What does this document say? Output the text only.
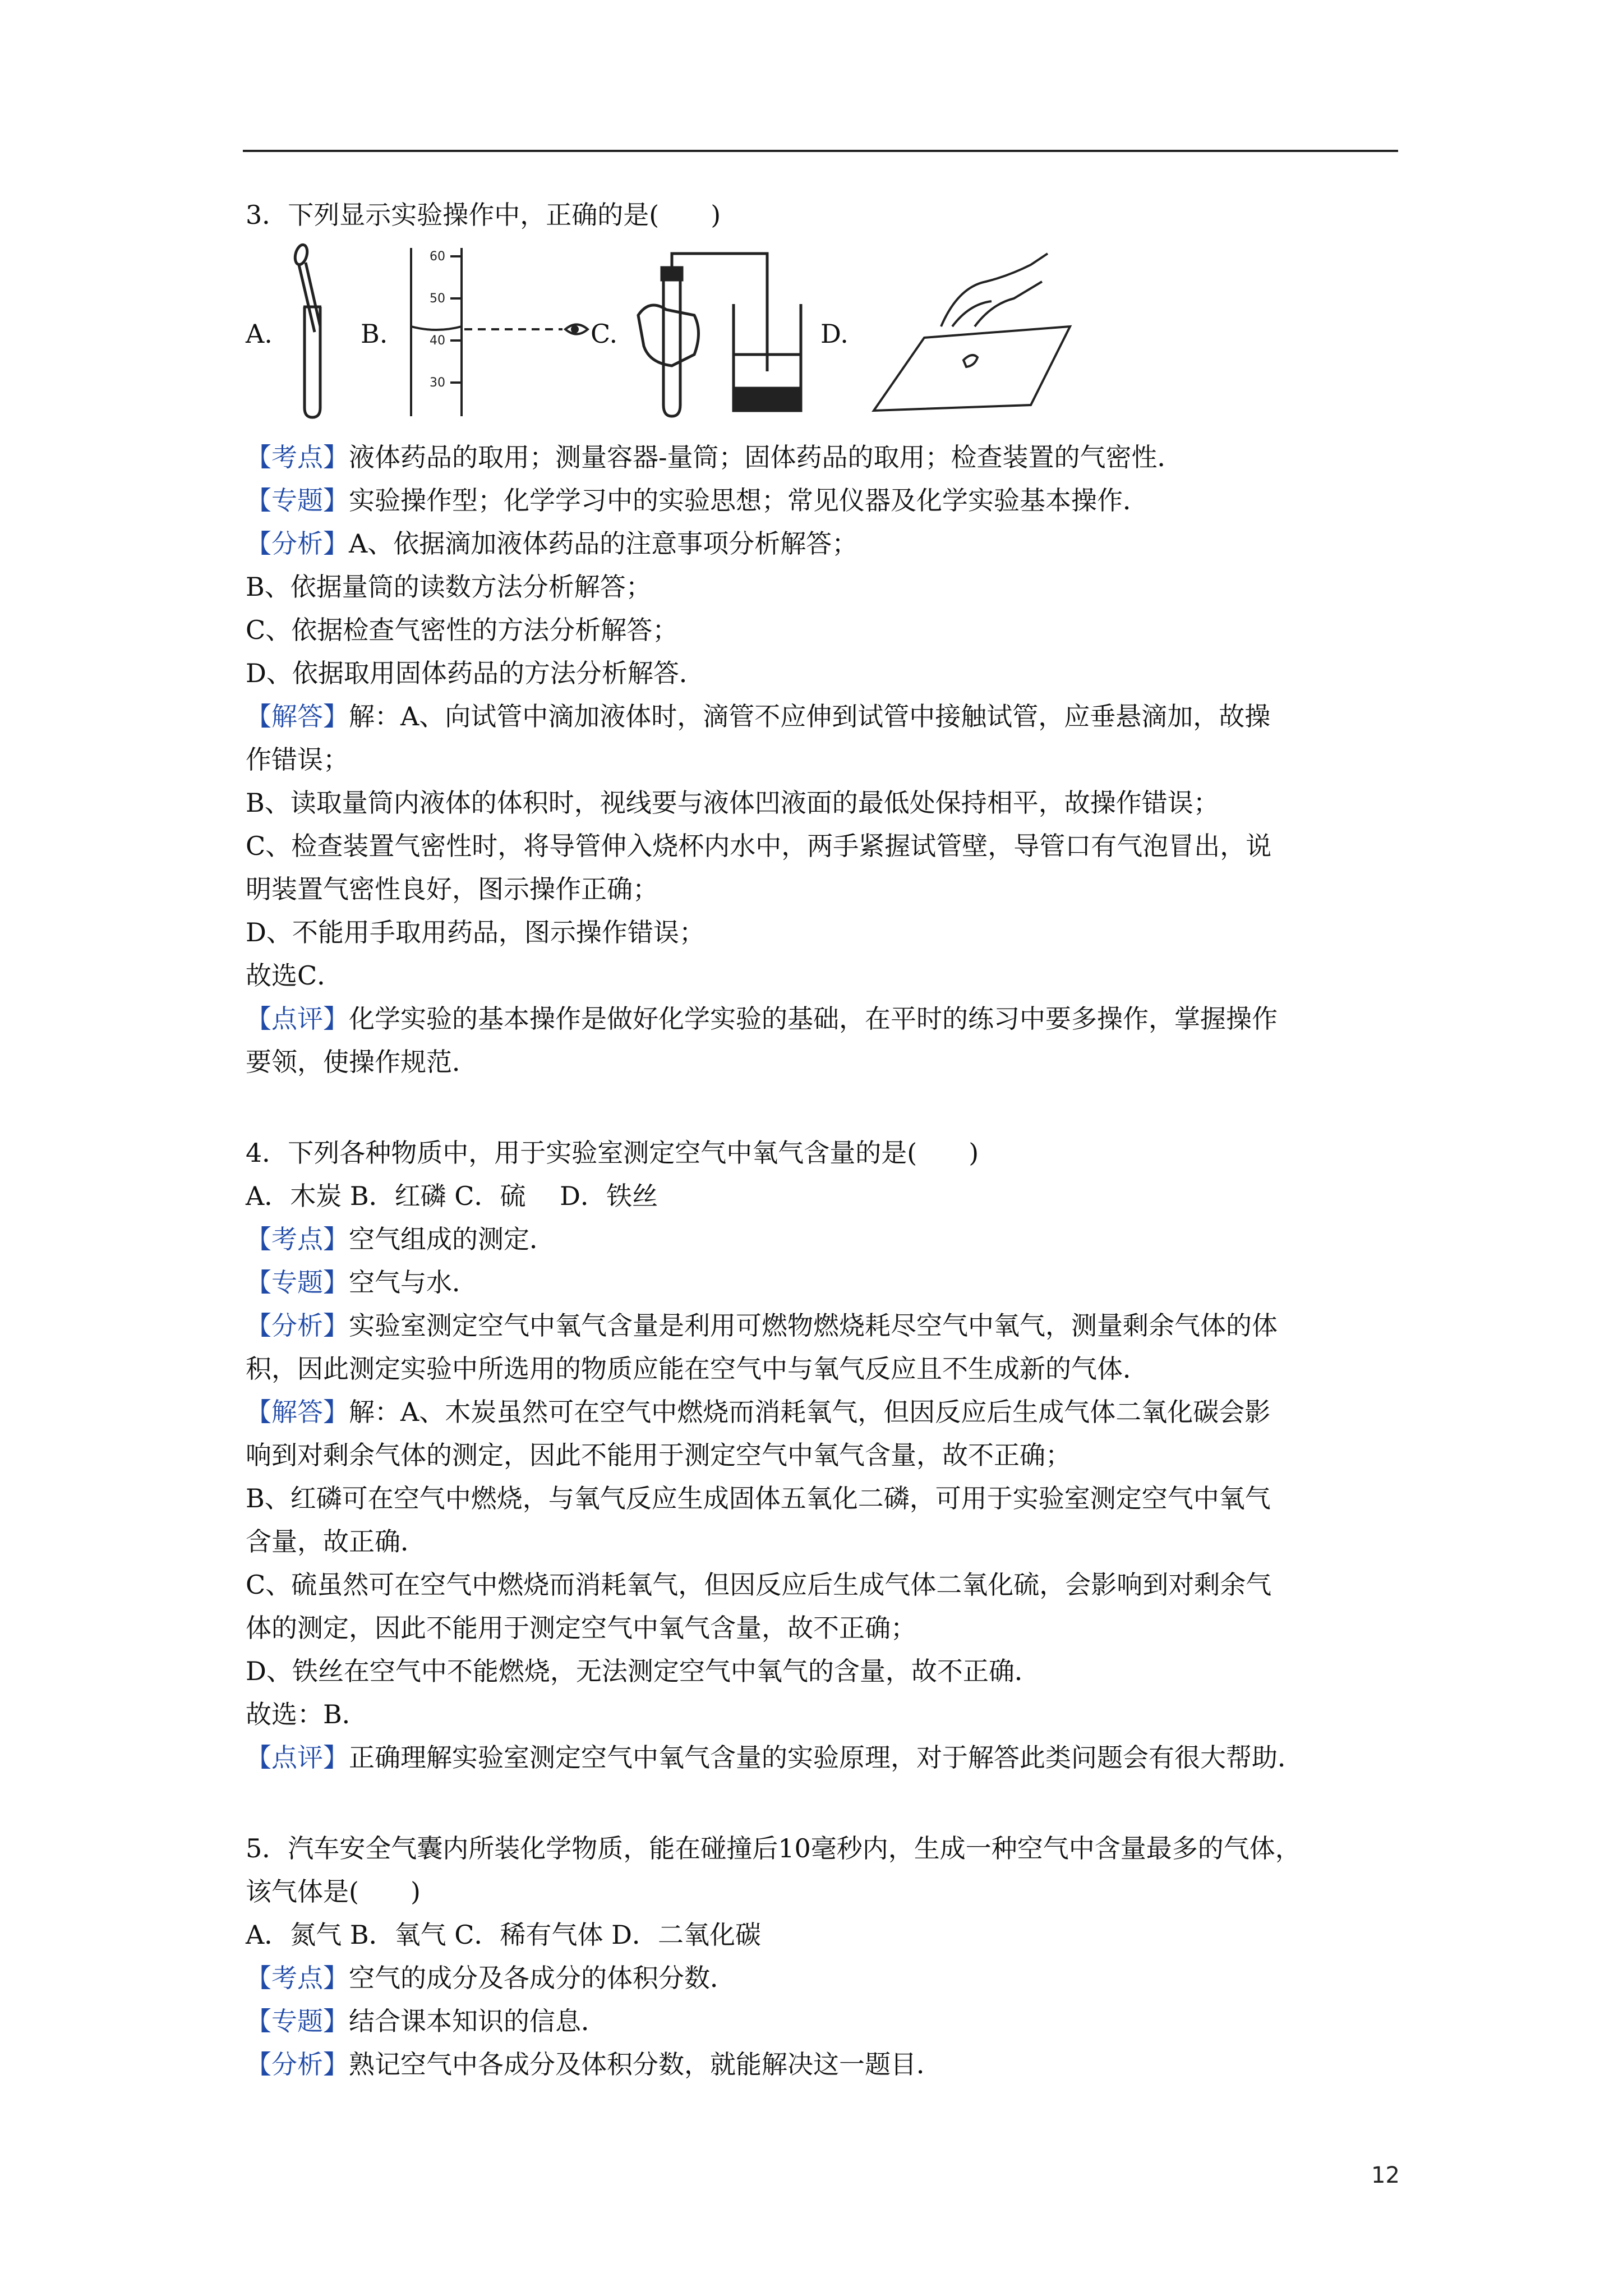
3．下列显示实验操作中，正确的是(　　)
A.	B.
60
50
40
30
C.	D.
【考点】液体药品的取用；测量容器-量筒；固体药品的取用；检查装置的气密性．
【专题】实验操作型；化学学习中的实验思想；常见仪器及化学实验基本操作．
【分析】A、依据滴加液体药品的注意事项分析解答；
B、依据量筒的读数方法分析解答；
C、依据检查气密性的方法分析解答；
D、依据取用固体药品的方法分析解答．
【解答】解：A、向试管中滴加液体时，滴管不应伸到试管中接触试管，应垂悬滴加，故操
作错误；
B、读取量筒内液体的体积时，视线要与液体凹液面的最低处保持相平，故操作错误；
C、检查装置气密性时，将导管伸入烧杯内水中，两手紧握试管壁，导管口有气泡冒出，说
明装置气密性良好，图示操作正确；
D、不能用手取用药品，图示操作错误；
故选C．
【点评】化学实验的基本操作是做好化学实验的基础，在平时的练习中要多操作，掌握操作
要领，使操作规范．
4．下列各种物质中，用于实验室测定空气中氧气含量的是(　　)
A．木炭 B．红磷 C．硫　 D．铁丝
【考点】空气组成的测定．
【专题】空气与水．
【分析】实验室测定空气中氧气含量是利用可燃物燃烧耗尽空气中氧气，测量剩余气体的体
积，因此测定实验中所选用的物质应能在空气中与氧气反应且不生成新的气体．
【解答】解：A、木炭虽然可在空气中燃烧而消耗氧气，但因反应后生成气体二氧化碳会影
响到对剩余气体的测定，因此不能用于测定空气中氧气含量，故不正确；
B、红磷可在空气中燃烧，与氧气反应生成固体五氧化二磷，可用于实验室测定空气中氧气
含量，故正确．
C、硫虽然可在空气中燃烧而消耗氧气，但因反应后生成气体二氧化硫，会影响到对剩余气
体的测定，因此不能用于测定空气中氧气含量，故不正确；
D、铁丝在空气中不能燃烧，无法测定空气中氧气的含量，故不正确．
故选：B．
【点评】正确理解实验室测定空气中氧气含量的实验原理，对于解答此类问题会有很大帮助．
5．汽车安全气囊内所装化学物质，能在碰撞后10毫秒内，生成一种空气中含量最多的气体，
该气体是(　　)
A．氮气 B．氧气 C．稀有气体 D．二氧化碳
【考点】空气的成分及各成分的体积分数．
【专题】结合课本知识的信息．
【分析】熟记空气中各成分及体积分数，就能解决这一题目．
12
